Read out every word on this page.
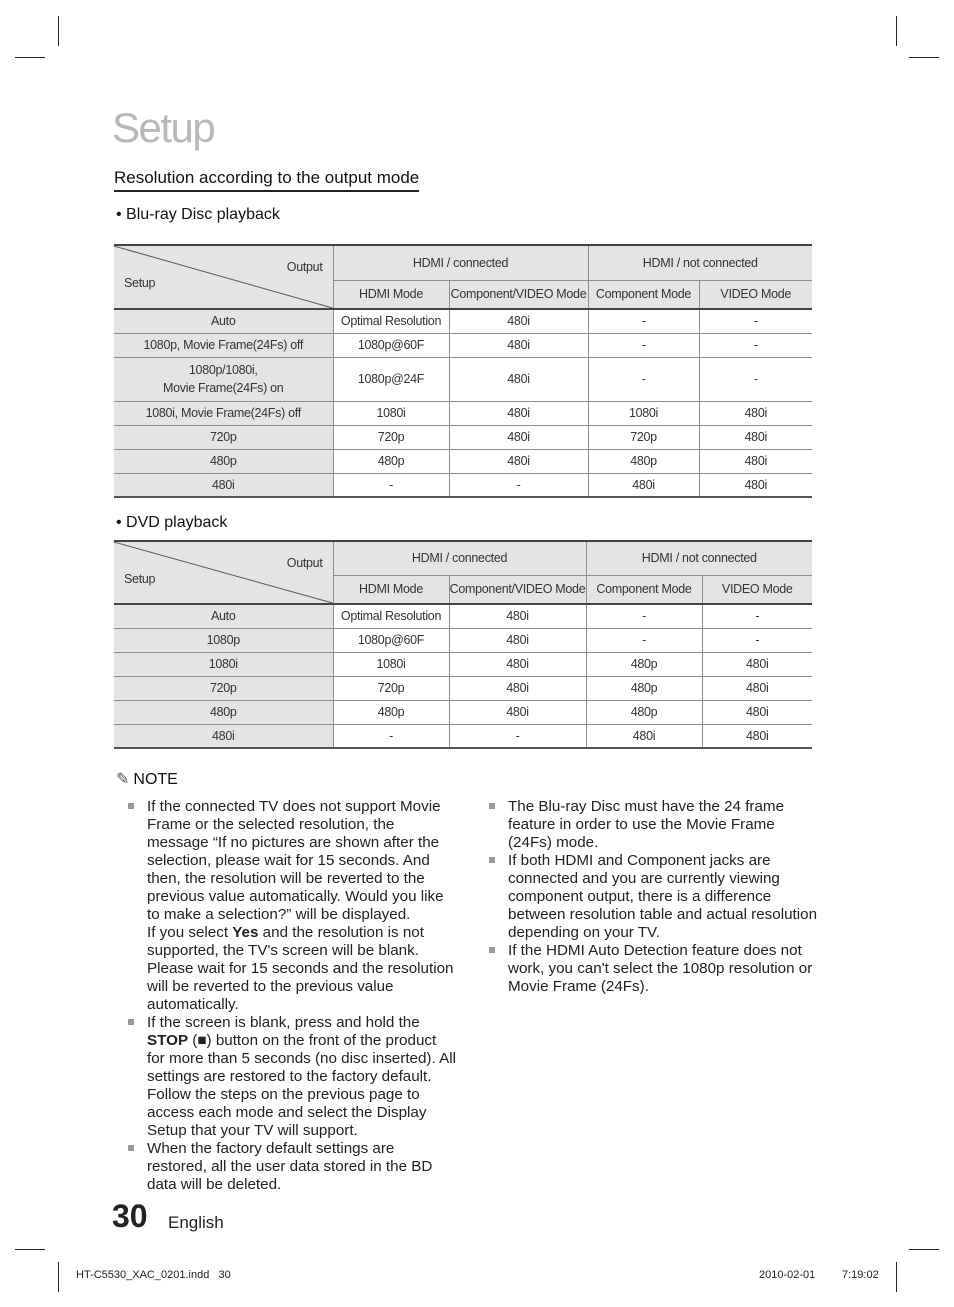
Setup
Resolution according to the output mode
• Blu-ray Disc playback
Output
Setup	HDMI / connected		HDMI / not connected	
	HDMI Mode	Component/VIDEO Mode	Component Mode	VIDEO Mode
Auto	Optimal Resolution	480i	-	-
1080p, Movie Frame(24Fs) off	1080p@60F	480i	-	-
1080p/1080i,
Movie Frame(24Fs) on	1080p@24F	480i	-	-
1080i, Movie Frame(24Fs) off	1080i	480i	1080i	480i
720p	720p	480i	720p	480i
480p	480p	480i	480p	480i
480i	-	-	480i	480i
• DVD playback
Output
Setup	HDMI / connected		HDMI / not connected	
	HDMI Mode	Component/VIDEO Mode	Component Mode	VIDEO Mode
Auto	Optimal Resolution	480i	-	-
1080p	1080p@60F	480i	-	-
1080i	1080i	480i	480p	480i
720p	720p	480i	480p	480i
480p	480p	480i	480p	480i
480i	-	-	480i	480i
✎ NOTE
If the connected TV does not support Movie Frame or the selected resolution, the message “If no pictures are shown after the selection, please wait for 15 seconds. And then, the resolution will be reverted to the previous value automatically. Would you like to make a selection?” will be displayed.
If you select Yes and the resolution is not supported, the TV's screen will be blank. Please wait for 15 seconds and the resolution will be reverted to the previous value automatically.
If the screen is blank, press and hold the STOP (■) button on the front of the product for more than 5 seconds (no disc inserted). All settings are restored to the factory default. Follow the steps on the previous page to access each mode and select the Display Setup that your TV will support.
When the factory default settings are restored, all the user data stored in the BD data will be deleted.
The Blu-ray Disc must have the 24 frame feature in order to use the Movie Frame (24Fs) mode.
If both HDMI and Component jacks are connected and you are currently viewing component output, there is a difference between resolution table and actual resolution depending on your TV.
If the HDMI Auto Detection feature does not work, you can't select the 1080p resolution or Movie Frame (24Fs).
30 English
HT-C5530_XAC_0201.indd   30	2010-02-01 7:19:02
